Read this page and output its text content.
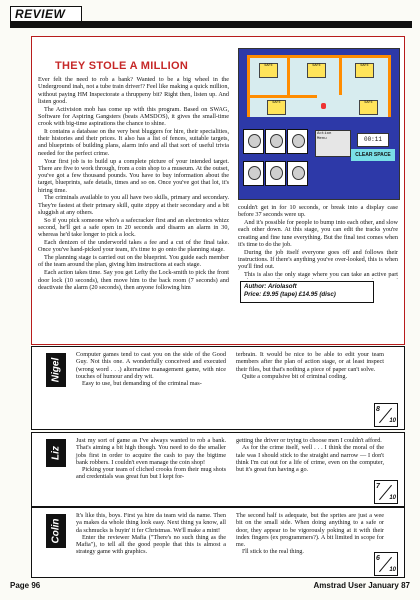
REVIEW
THEY STOLE A MILLION

Ever felt the need to rob a bank? Wanted to be a big wheel in the Underground inah, not a tube train driver!? Feel like making a quick million, without paying HM Inspectorate a thruppeny bit? Right then, listen up. And listen good.

The Activision mob has come up with this program. Based on SWAG, Software for Aspiring Gangsters (beats AMSDOS), it gives the small-time crook with big-time aspirations the chance to shine.

It contains a database on the very best bluggers for hire, their specialities, their histories and their prices. It also has a list of fences, suitable targets, and blueprints of building plans, alarm info and all that sort of useful trivia needed for the perfect crime.

Your first job is to build up a complete picture of your intended target. There are five to work through, from a coin shop to a museum. At the outset, you've got a few thousand pounds. You have to buy information about the target, blueprints, safe details, times and so on. Once you've got that lot, it's hiring time.

The criminals available to you all have two skills, primary and secondary. They're fastest at their primary skill, quite zippy at their secondary and a bit sluggish at any others.

So if you pick someone who's a safecracker first and an electronics whizz second, he'll get a safe open in 20 seconds and disarm an alarm in 30, whereas he'd take longer to pick a lock.

Each denizen of the underworld takes a fee and a cut of the final take. Once you've hand-picked your team, it's time to go onto the planning stage.

The planning stage is carried out on the blueprint. You guide each member of the team around the plan, giving him instructions at each stage.

Each action takes time. Say you get Lefty the Lock-smith to pick the front door lock (10 seconds), then move him to the back room (7 seconds) and deactivate the alarm (20 seconds), then anyone following him

SAFE	SAFE	SAFE
SAFE	SAFE
Action
Menu	00:11
CLEAR SPACE

couldn't get in for 10 seconds, or break into a display case before 37 seconds were up.

And it's possible for people to bump into each other, and slow each other down. At this stage, you can edit the tracks you're creating and fine tune everything. But the final test comes when it's time to do the job.

During the job itself everyone goes off and follows their instructions. If there's anything you've over-looked, this is when you'll find out.

This is also the only stage where you can take an active part

Author: Ariolasoft
Price: £9.95 (tape) £14.95 (disc)
Nigel

Computer games tend to cast you on the side of the Good Guy. Not this one. A wonderfully conceived and executed (wrong word . . .) alternative management game, with nice touches of humour and dry wit.

Easy to use, but demanding of the criminal mas-

terbrain. It would be nice to be able to edit your team members after the plan of action stage, or at least inspect their files, but that's nothing a piece of paper can't solve.

Quite a compulsive bit of criminal coding.

8
10
Liz

Just my sort of game as I've always wanted to rob a bank. That's aiming a bit high though. You need to do the smaller jobs first in order to acquire the cash to pay the bigtime bank robbers. I couldn't even manage the coin shop!

Picking your team of cliched crooks from their mug shots and credentials was great fun but I kept for-

getting the driver or trying to choose men I couldn't afford.

As for the crime itself, well . . . I think the moral of the tale was I should stick to the straight and narrow — I don't think I'm cut out for a life of crime, even on the computer, but it's great fun having a go.

7
10
Colin

It's like this, boys. First ya hire da team wid da name. Then ya makes da whole thing look easy. Next thing ya know, all da schmucks is buyin' it fer Christmas. We'll make a mint!

Enter the reviewer Mafia ("There's no such thing as the Mafia"), to tell all the good people that this is almost a strategy game with graphics.

The second half is adequate, but the sprites are just a wee bit on the small side. When doing anything to a safe or door, they appear to be vigorously poking at it with their index fingers (ex programmers?). A bit limited in scope for me.

I'll stick to the real thing.

6
10
Page 96	Amstrad User January 87
